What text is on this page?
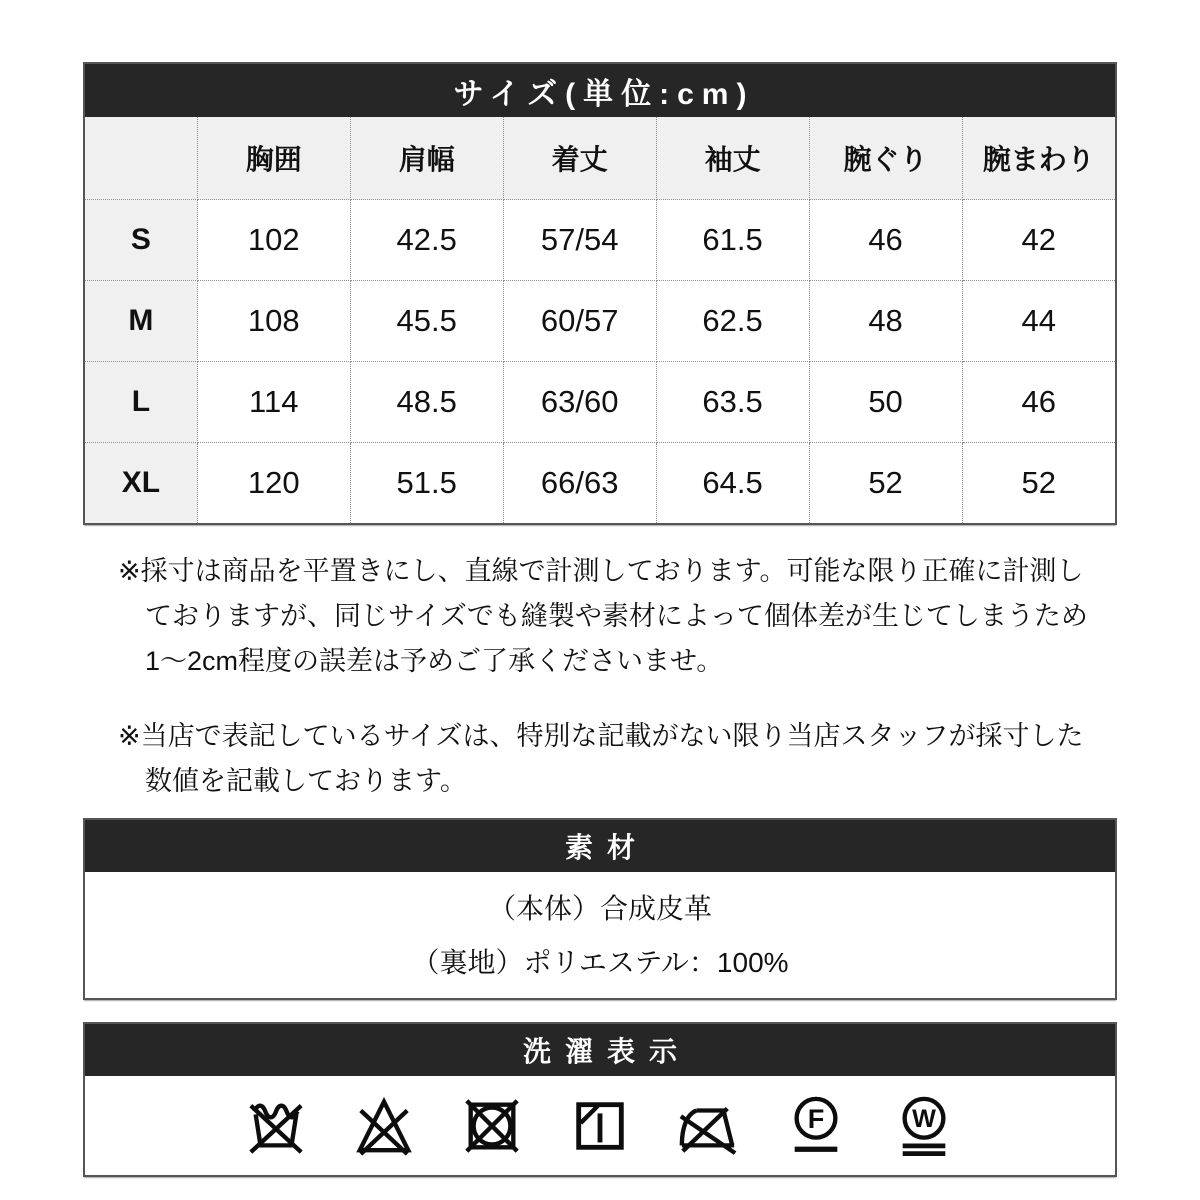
サイズ(単位:cm)
	胸囲	肩幅	着丈	袖丈	腕ぐり	腕まわり
S	102	42.5	57/54	61.5	46	42
M	108	45.5	60/57	62.5	48	44
L	114	48.5	63/60	63.5	50	46
XL	120	51.5	66/63	64.5	52	52
※採寸は商品を平置きにし、直線で計測しております。可能な限り正確に計測し
ておりますが、同じサイズでも縫製や素材によって個体差が生じてしまうため
1～2cm程度の誤差は予めご了承くださいませ。
※当店で表記しているサイズは、特別な記載がない限り当店スタッフが採寸した
数値を記載しております。
素材
（本体）合成皮革
（裏地）ポリエステル：100%
洗濯表示
F	W
